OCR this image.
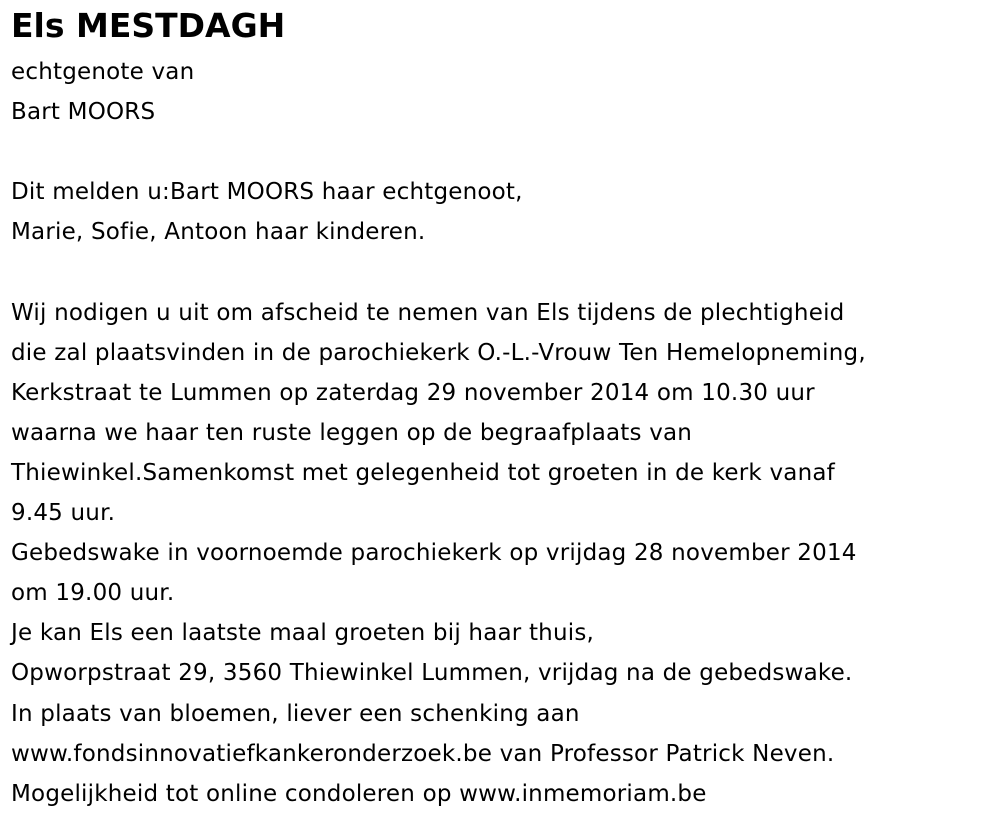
Els MESTDAGH
echtgenote van
Bart MOORS
Dit melden u:Bart MOORS haar echtgenoot,
Marie, Sofie, Antoon haar kinderen.
Wij nodigen u uit om afscheid te nemen van Els tijdens de plechtigheid
die zal plaatsvinden in de parochiekerk O.-L.-Vrouw Ten Hemelopneming,
Kerkstraat te Lummen op zaterdag 29 november 2014 om 10.30 uur
waarna we haar ten ruste leggen op de begraafplaats van
Thiewinkel.Samenkomst met gelegenheid tot groeten in de kerk vanaf
9.45 uur.
Gebedswake in voornoemde parochiekerk op vrijdag 28 november 2014
om 19.00 uur.
Je kan Els een laatste maal groeten bij haar thuis,
Opworpstraat 29, 3560 Thiewinkel Lummen, vrijdag na de gebedswake.
In plaats van bloemen, liever een schenking aan
www.fondsinnovatiefkankeronderzoek.be van Professor Patrick Neven.
Mogelijkheid tot online condoleren op www.inmemoriam.be
